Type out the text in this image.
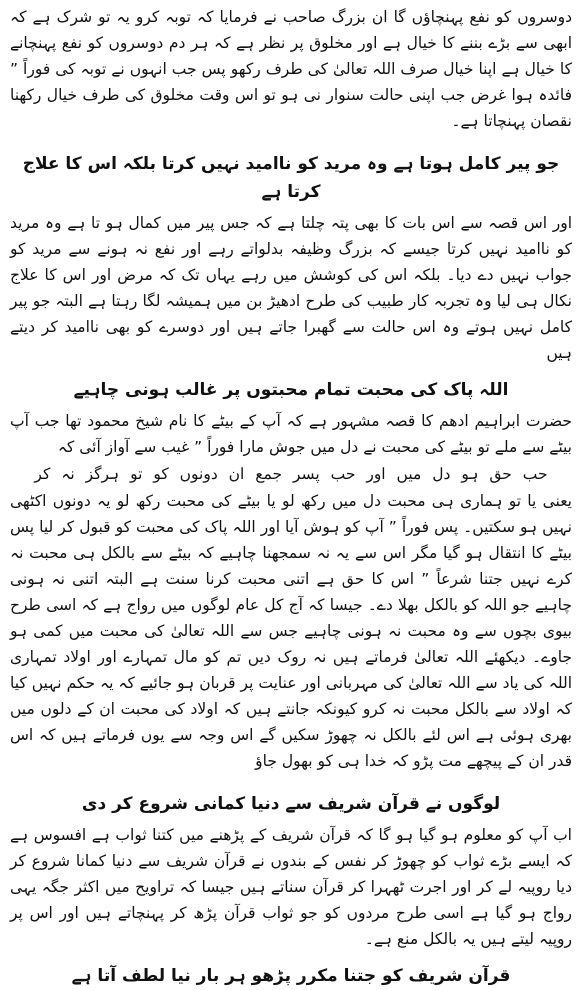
دوسروں کو نفع پہنچاؤں گا ان بزرگ صاحب نے فرمایا کہ توبہ کرو یہ تو شرک ہے کہ ابھی سے بڑے بننے کا خیال ہے اور مخلوق پر نظر ہے کہ ہر دم دوسروں کو نفع پہنچانے کا خیال ہے اپنا خیال صرف اللہ تعالیٰ کی طرف رکھو پس جب انہوں نے توبہ کی فوراً ” فائدہ ہوا غرض جب اپنی حالت سنوار نی ہو تو اس وقت مخلوق کی طرف خیال رکھنا نقصان پہنچاتا ہے۔

جو پیر کامل ہوتا ہے وہ مرید کو ناامید نہیں کرتا بلکہ اس کا علاج کرتا ہے

اور اس قصہ سے اس بات کا بھی پتہ چلتا ہے کہ جس پیر میں کمال ہو تا ہے وہ مرید کو ناامید نہیں کرتا جیسے کہ بزرگ وظیفہ بدلواتے رہے اور نفع نہ ہونے سے مرید کو جواب نہیں دے دیا۔ بلکہ اس کی کوشش میں رہے یہاں تک کہ مرض اور اس کا علاج نکال ہی لیا وہ تجربہ کار طبیب کی طرح ادھیڑ بن میں ہمیشہ لگا رہتا ہے البتہ جو پیر کامل نہیں ہوتے وہ اس حالت سے گھبرا جاتے ہیں اور دوسرے کو بھی ناامید کر دیتے ہیں

اللہ پاک کی محبت تمام محبتوں پر غالب ہونی چاہیے

حضرت ابراہیم ادھم کا قصہ مشہور ہے کہ آپ کے بیٹے کا نام شیخ محمود تھا جب آپ بیٹے سے ملے تو بیٹے کی محبت نے دل میں جوش مارا فوراً ” غیب سے آواز آئی کہ

حب حق ہو دل میں اور حب پسر جمع ان دونوں کو تو ہرگز نہ کر

یعنی یا تو ہماری ہی محبت دل میں رکھ لو یا بیٹے کی محبت رکھ لو یہ دونوں اکٹھی نہیں ہو سکتیں۔ پس فوراً ” آپ کو ہوش آیا اور اللہ پاک کی محبت کو قبول کر لیا پس بیٹے کا انتقال ہو گیا مگر اس سے یہ نہ سمجھنا چاہیے کہ بیٹے سے بالکل ہی محبت نہ کرے نہیں جتنا شرعاً ” اس کا حق ہے اتنی محبت کرنا سنت ہے البتہ اتنی نہ ہونی چاہیے جو اللہ کو بالکل بھلا دے۔ جیسا کہ آج کل عام لوگوں میں رواج ہے کہ اسی طرح بیوی بچوں سے وہ محبت نہ ہونی چاہیے جس سے اللہ تعالیٰ کی محبت میں کمی ہو جاوے۔ دیکھئے اللہ تعالیٰ فرماتے ہیں نہ روک دیں تم کو مال تمہارے اور اولاد تمہاری اللہ کی یاد سے اللہ تعالیٰ کی مہربانی اور عنایت پر قربان ہو جائیے کہ یہ حکم نہیں کیا کہ اولاد سے بالکل محبت نہ کرو کیونکہ جانتے ہیں کہ اولاد کی محبت ان کے دلوں میں بھری ہوئی ہے اس لئے بالکل نہ چھوڑ سکیں گے اس وجہ سے یوں فرماتے ہیں کہ اس قدر ان کے پیچھے مت پڑو کہ خدا ہی کو بھول جاؤ

لوگوں نے قرآن شریف سے دنیا کمانی شروع کر دی

اب آپ کو معلوم ہو گیا ہو گا کہ قرآن شریف کے پڑھنے میں کتنا ثواب ہے افسوس ہے کہ ایسے بڑے ثواب کو چھوڑ کر نفس کے بندوں نے قرآن شریف سے دنیا کمانا شروع کر دیا روپیہ لے کر اور اجرت ٹھہرا کر قرآن سناتے ہیں جیسا کہ تراویح میں اکثر جگہ یہی رواج ہو گیا ہے اسی طرح مردوں کو جو ثواب قرآن پڑھ کر پہنچاتے ہیں اور اس پر روپیہ لیتے ہیں یہ بالکل منع ہے۔

قرآن شریف کو جتنا مکرر پڑھو ہر بار نیا لطف آتا ہے
